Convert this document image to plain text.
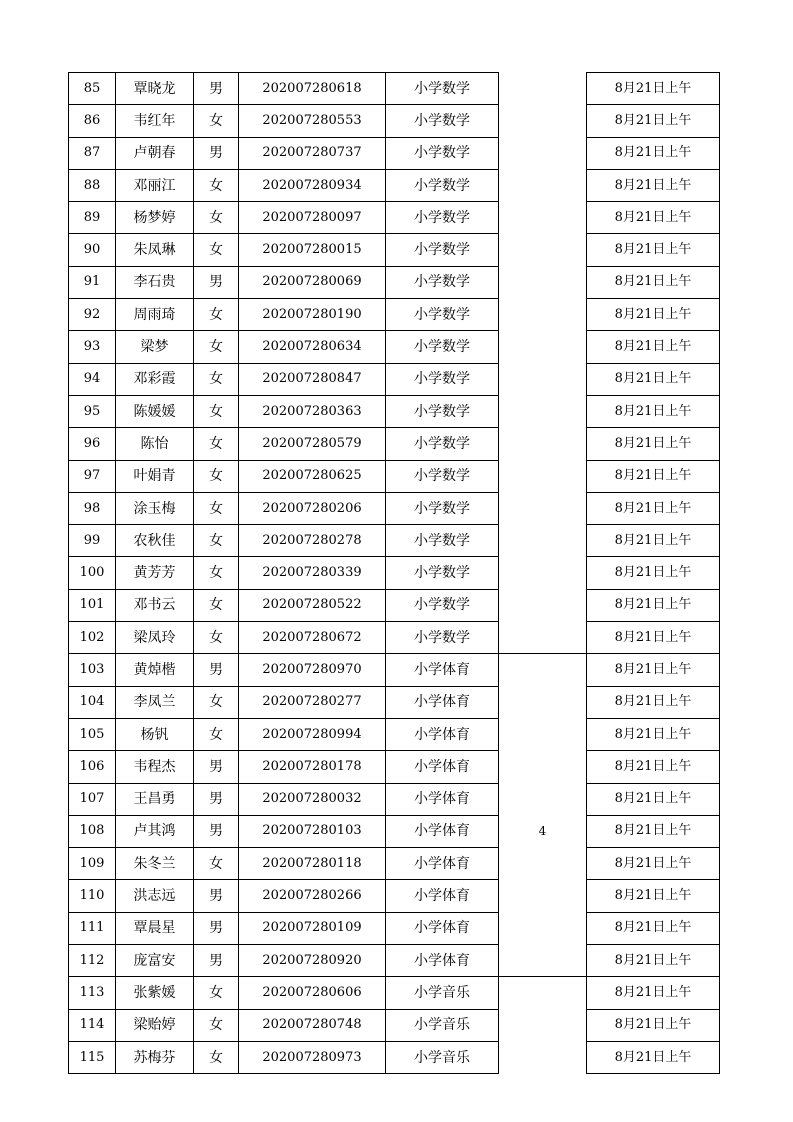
85	覃晓龙	男	202007280618	小学数学		8月21日上午
86	韦红年	女	202007280553	小学数学		8月21日上午
87	卢朝春	男	202007280737	小学数学		8月21日上午
88	邓丽江	女	202007280934	小学数学		8月21日上午
89	杨梦婷	女	202007280097	小学数学		8月21日上午
90	朱凤琳	女	202007280015	小学数学		8月21日上午
91	李石贵	男	202007280069	小学数学		8月21日上午
92	周雨琦	女	202007280190	小学数学		8月21日上午
93	梁梦	女	202007280634	小学数学		8月21日上午
94	邓彩霞	女	202007280847	小学数学		8月21日上午
95	陈媛媛	女	202007280363	小学数学		8月21日上午
96	陈怡	女	202007280579	小学数学		8月21日上午
97	叶娟青	女	202007280625	小学数学		8月21日上午
98	涂玉梅	女	202007280206	小学数学		8月21日上午
99	农秋佳	女	202007280278	小学数学		8月21日上午
100	黄芳芳	女	202007280339	小学数学		8月21日上午
101	邓书云	女	202007280522	小学数学		8月21日上午
102	梁凤玲	女	202007280672	小学数学		8月21日上午
103	黄焯楷	男	202007280970	小学体育		8月21日上午
104	李凤兰	女	202007280277	小学体育		8月21日上午
105	杨钒	女	202007280994	小学体育		8月21日上午
106	韦程杰	男	202007280178	小学体育		8月21日上午
107	王昌勇	男	202007280032	小学体育		8月21日上午
108	卢其鸿	男	202007280103	小学体育	4	8月21日上午
109	朱冬兰	女	202007280118	小学体育		8月21日上午
110	洪志远	男	202007280266	小学体育		8月21日上午
111	覃晨星	男	202007280109	小学体育		8月21日上午
112	庞富安	男	202007280920	小学体育		8月21日上午
113	张紫媛	女	202007280606	小学音乐		8月21日上午
114	梁贻婷	女	202007280748	小学音乐		8月21日上午
115	苏梅芬	女	202007280973	小学音乐		8月21日上午
